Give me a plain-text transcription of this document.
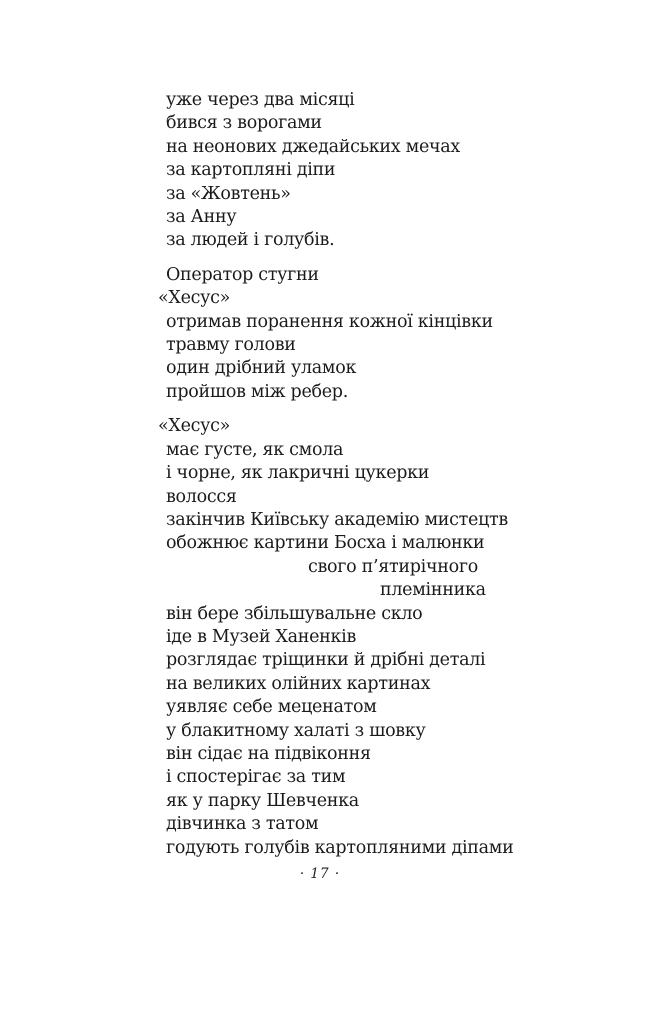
уже через два місяці
бився з ворогами
на неонових джедайських мечах
за картопляні діпи
за «Жовтень»
за Анну
за людей і голубів.
Оператор стугни
«Хесус»
отримав поранення кожної кінцівки
травму голови
один дрібний уламок
пройшов між ребер.
«Хесус»
має густе, як смола
і чорне, як лакричні цукерки
волосся
закінчив Київську академію мистецтв
обожнює картини Босха і малюнки
свого п’ятирічного
племінника
він бере збільшувальне скло
іде в Музей Ханенків
розглядає тріщинки й дрібні деталі
на великих олійних картинах
уявляє себе меценатом
у блакитному халаті з шовку
він сідає на підвіконня
і спостерігає за тим
як у парку Шевченка
дівчинка з татом
годують голубів картопляними діпами
· 17 ·
